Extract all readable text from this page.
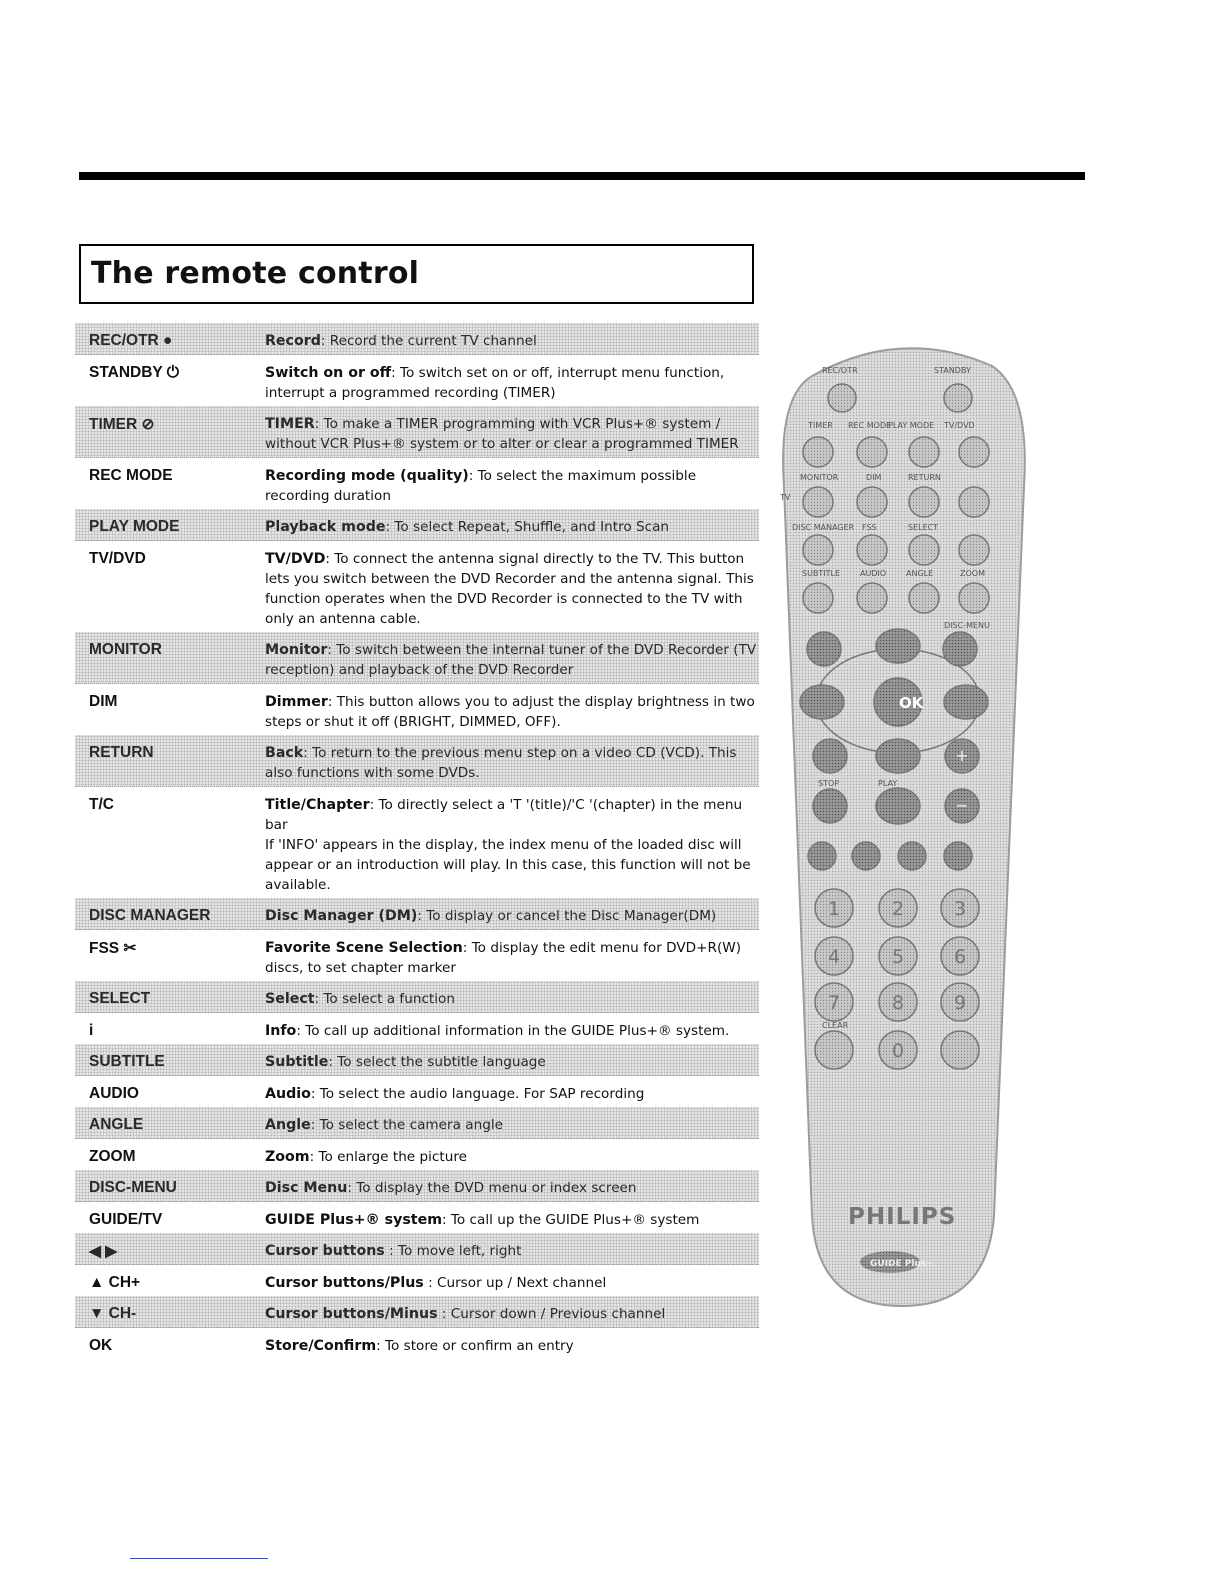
The remote control
REC/OTR ●	Record: Record the current TV channel

STANDBY ⏻	Switch on or off: To switch set on or off, interrupt menu function, interrupt a programmed recording (TIMER)

TIMER ⊘	TIMER: To make a TIMER programming with VCR Plus+® system / without VCR Plus+® system or to alter or clear a programmed TIMER

REC MODE	Recording mode (quality): To select the maximum possible recording duration

PLAY MODE	Playback mode: To select Repeat, Shuffle, and Intro Scan

TV/DVD	TV/DVD: To connect the antenna signal directly to the TV. This button lets you switch between the DVD Recorder and the antenna signal. This function operates when the DVD Recorder is connected to the TV with only an antenna cable.

MONITOR	Monitor: To switch between the internal tuner of the DVD Recorder (TV reception) and playback of the DVD Recorder

DIM	Dimmer: This button allows you to adjust the display brightness in two steps or shut it off (BRIGHT, DIMMED, OFF).

RETURN	Back: To return to the previous menu step on a video CD (VCD). This also functions with some DVDs.

T/C	Title/Chapter: To directly select a 'T '(title)/'C '(chapter) in the menu bar

If 'INFO' appears in the display, the index menu of the loaded disc will appear or an introduction will play. In this case, this function will not be available.

DISC MANAGER	Disc Manager (DM): To display or cancel the Disc Manager(DM)

FSS ✂	Favorite Scene Selection: To display the edit menu for DVD+R(W) discs, to set chapter marker

SELECT	Select: To select a function

i	Info: To call up additional information in the GUIDE Plus+® system.

SUBTITLE	Subtitle: To select the subtitle language

AUDIO	Audio: To select the audio language. For SAP recording

ANGLE	Angle: To select the camera angle

ZOOM	Zoom: To enlarge the picture

DISC-MENU	Disc Menu: To display the DVD menu or index screen

GUIDE/TV	GUIDE Plus+® system: To call up the GUIDE Plus+® system

◀ ▶	Cursor buttons : To move left, right

▲ CH+	Cursor buttons/Plus : Cursor up / Next channel

▼ CH-	Cursor buttons/Minus : Cursor down / Previous channel

OK	Store/Confirm: To store or confirm an entry

+
−
1	2	3
4	5	6
7	8	9
0
REC/OTR	STANDBY
TIMER REC MODE
PLAY MODE TV/DVD
MONITOR	DIM	RETURN
TV
DISC MANAGER FSS	SELECT
SUBTITLE AUDIO ANGLE	ZOOM
DISC-MENU
STOP	PLAY
CLEAR
OK
PHILIPS
GUIDE Plus+
